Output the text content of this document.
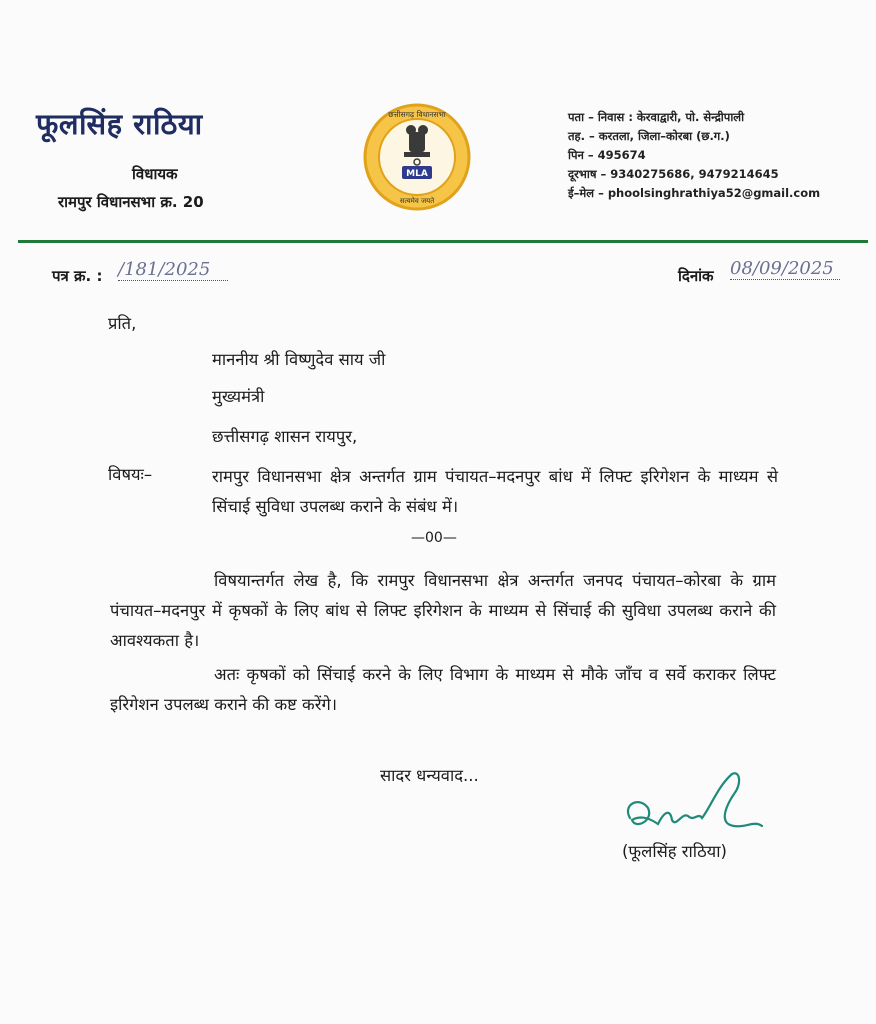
फूलसिंह राठिया
विधायक
रामपुर विधानसभा क्र. 20
MLA
छत्तीसगढ़ विधानसभा
सत्यमेव जयते
पता – निवास : केरवाद्वारी, पो. सेन्द्रीपाली
तह. – करतला, जिला–कोरबा (छ.ग.)
पिन – 495674
दूरभाष – 9340275686, 9479214645
ई–मेल – phoolsinghrathiya52@gmail.com
पत्र क्र. : /181/2025	दिनांक 08/09/2025
प्रति,
माननीय श्री विष्णुदेव साय जी
मुख्यमंत्री
छत्तीसगढ़ शासन रायपुर,
विषयः–	रामपुर विधानसभा क्षेत्र अन्तर्गत ग्राम पंचायत–मदनपुर बांध में लिफ्ट इरिगेशन के माध्यम से सिंचाई सुविधा उपलब्ध कराने के संबंध में।
—00—
विषयान्तर्गत लेख है, कि रामपुर विधानसभा क्षेत्र अन्तर्गत जनपद पंचायत–कोरबा के ग्राम पंचायत–मदनपुर में कृषकों के लिए बांध से लिफ्ट इरिगेशन के माध्यम से सिंचाई की सुविधा उपलब्ध कराने की आवश्यकता है।
अतः कृषकों को सिंचाई करने के लिए विभाग के माध्यम से मौके जाँच व सर्वे कराकर लिफ्ट इरिगेशन उपलब्ध कराने की कष्ट करेंगे।
सादर धन्यवाद...
(फूलसिंह राठिया)
